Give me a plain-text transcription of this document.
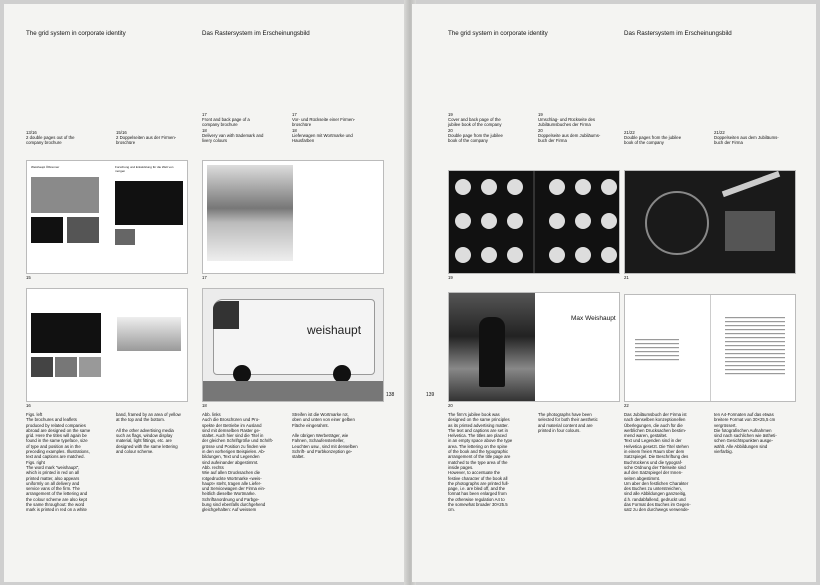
The grid system in corporate identity	Das Rastersystem im Erscheinungsbild
13/16
2 double pages out of the
company brochure
15/16
2 Doppelseiten aus der Firmen-
broschüre
17
Front and back page of a
company brochure
18
Delivery van with trademark and
livery colours
17
Vor- und Rückseite einer Firmen-
broschüre
18
Lieferwagen mit Wortmarke und
Hausfarben
Weishaupt Ölbrenner	Forschung und Entwicklung für die Welt von morgen
15	17
16
weishaupt
18
Figs. left
The brochures and leaflets
produced by related companies
abroad are designed on the same
grid. Here the titles will again be
found in the same typeface, size
of type and position as in the
preceding examples. Illustrations,
text and captions are matched.
Figs. right
The word mark "weishaupt",
which is printed in red on all
printed matter, also appears
uniformly on all delivery and
service vans of the firm. The
arrangement of the lettering and
the colour scheme are also kept
the same throughout: the word
mark is printed in red on a white
band, framed by an area of yellow
at the top and the bottom.

All the other advertising media
such as flags, window display
material, light fittings, etc. are
designed with the same lettering
and colour scheme.
Abb. links
Auch die Broschüren und Pro-
spekte der Betriebe im Ausland
sind mit demselben Raster ge-
staltet. Auch hier sind die Titel in
der gleichen Schriftgröße und Schrift-
grösse und Position zu finden wie
in den vorherigen Beispielen. Ab-
bildungen, Text und Legenden
sind aufeinander abgestimmt.
Abb. rechts
Wie auf allen Drucksachen die
rotgedruckte Wortmarke «weis-
haupt» steht, tragen alle Liefer-
und Servicewagen der Firma ein-
heitlich dieselbe Wortmarke.
Schriftanordnung und Farbge-
bung sind ebenfalls durchgehend
gleichgehalten: Auf weissem
Streifen ist die Wortmarke rot,
oben und unten von einer gelben
Fläche eingerahmt.

Alle übrigen Werbeträger, wie
Fahnen, Schaufensterteller,
Leuchten usw., sind mit denselben
Schrift- und Farbkonzeption ge-
staltet.
138
The grid system in corporate identity	Das Rastersystem im Erscheinungsbild
19
Cover and back page of the
jubilee book of the company
20
Double page from the jubilee
book of the company
19
Umschlag- und Rückseite des
Jubiläumsbuches der Firma
20
Doppelseite aus dem Jubiläums-
buch der Firma
21/22
Double pages from the jubilee
book of the company
21/22
Doppelseiten aus dem Jubiläums-
buch der Firma
19	21
Max Weishaupt
20	22
The firm's jubilee book was
designed on the same principles
as its printed advertising matter.
The text and captions are set in
Helvetica. The titles are placed
in an empty space above the type
area. The lettering on the spine
of the book and the typographic
arrangement of the title page are
matched to the type area of the
inside pages.
However, to accentuate the
festive character of the book all
the photographs are printed full-
page, i.e. are bled off, and the
format has been enlarged from
the otherwise regulation A4 to
the somewhat broader 30×25.5
cm.
The photographs have been
selected for both their aesthetic
and material content and are
printed in four colours.
Das Jubiläumsbuch der Firma ist
nach denselben konzeptionellen
Überlegungen, die auch für die
werblichen Drucksachen bestim-
mend waren, gestaltet.
Text und Legenden sind in der
Helvetica gesetzt. Die Titel stehen
in einem freien Raum über dem
Satzspiegel. Die Beschriftung des
Buchrückens und die typograf-
sche Ordnung der Titelseite sind
auf den Satzspiegel der Innen-
seiten abgestimmt.
Um aber den festlichen Charakter
des Buches zu unterstreichen,
sind alle Abbildungen ganzseitig,
d.h. randabfallend, gedruckt und
das Format des Buches im Gegen-
satz zu den durchwegs verwende-
ten A4-Formaten auf das etwas
breitere Format von 30×25,5 cm
vergrössert.
Die fotografischen Aufnahmen
sind nach sachlichen wie ästheti-
schen Gesichtspunkten ausge-
wählt. Alle Abbildungen sind
vierfarbig.
139
